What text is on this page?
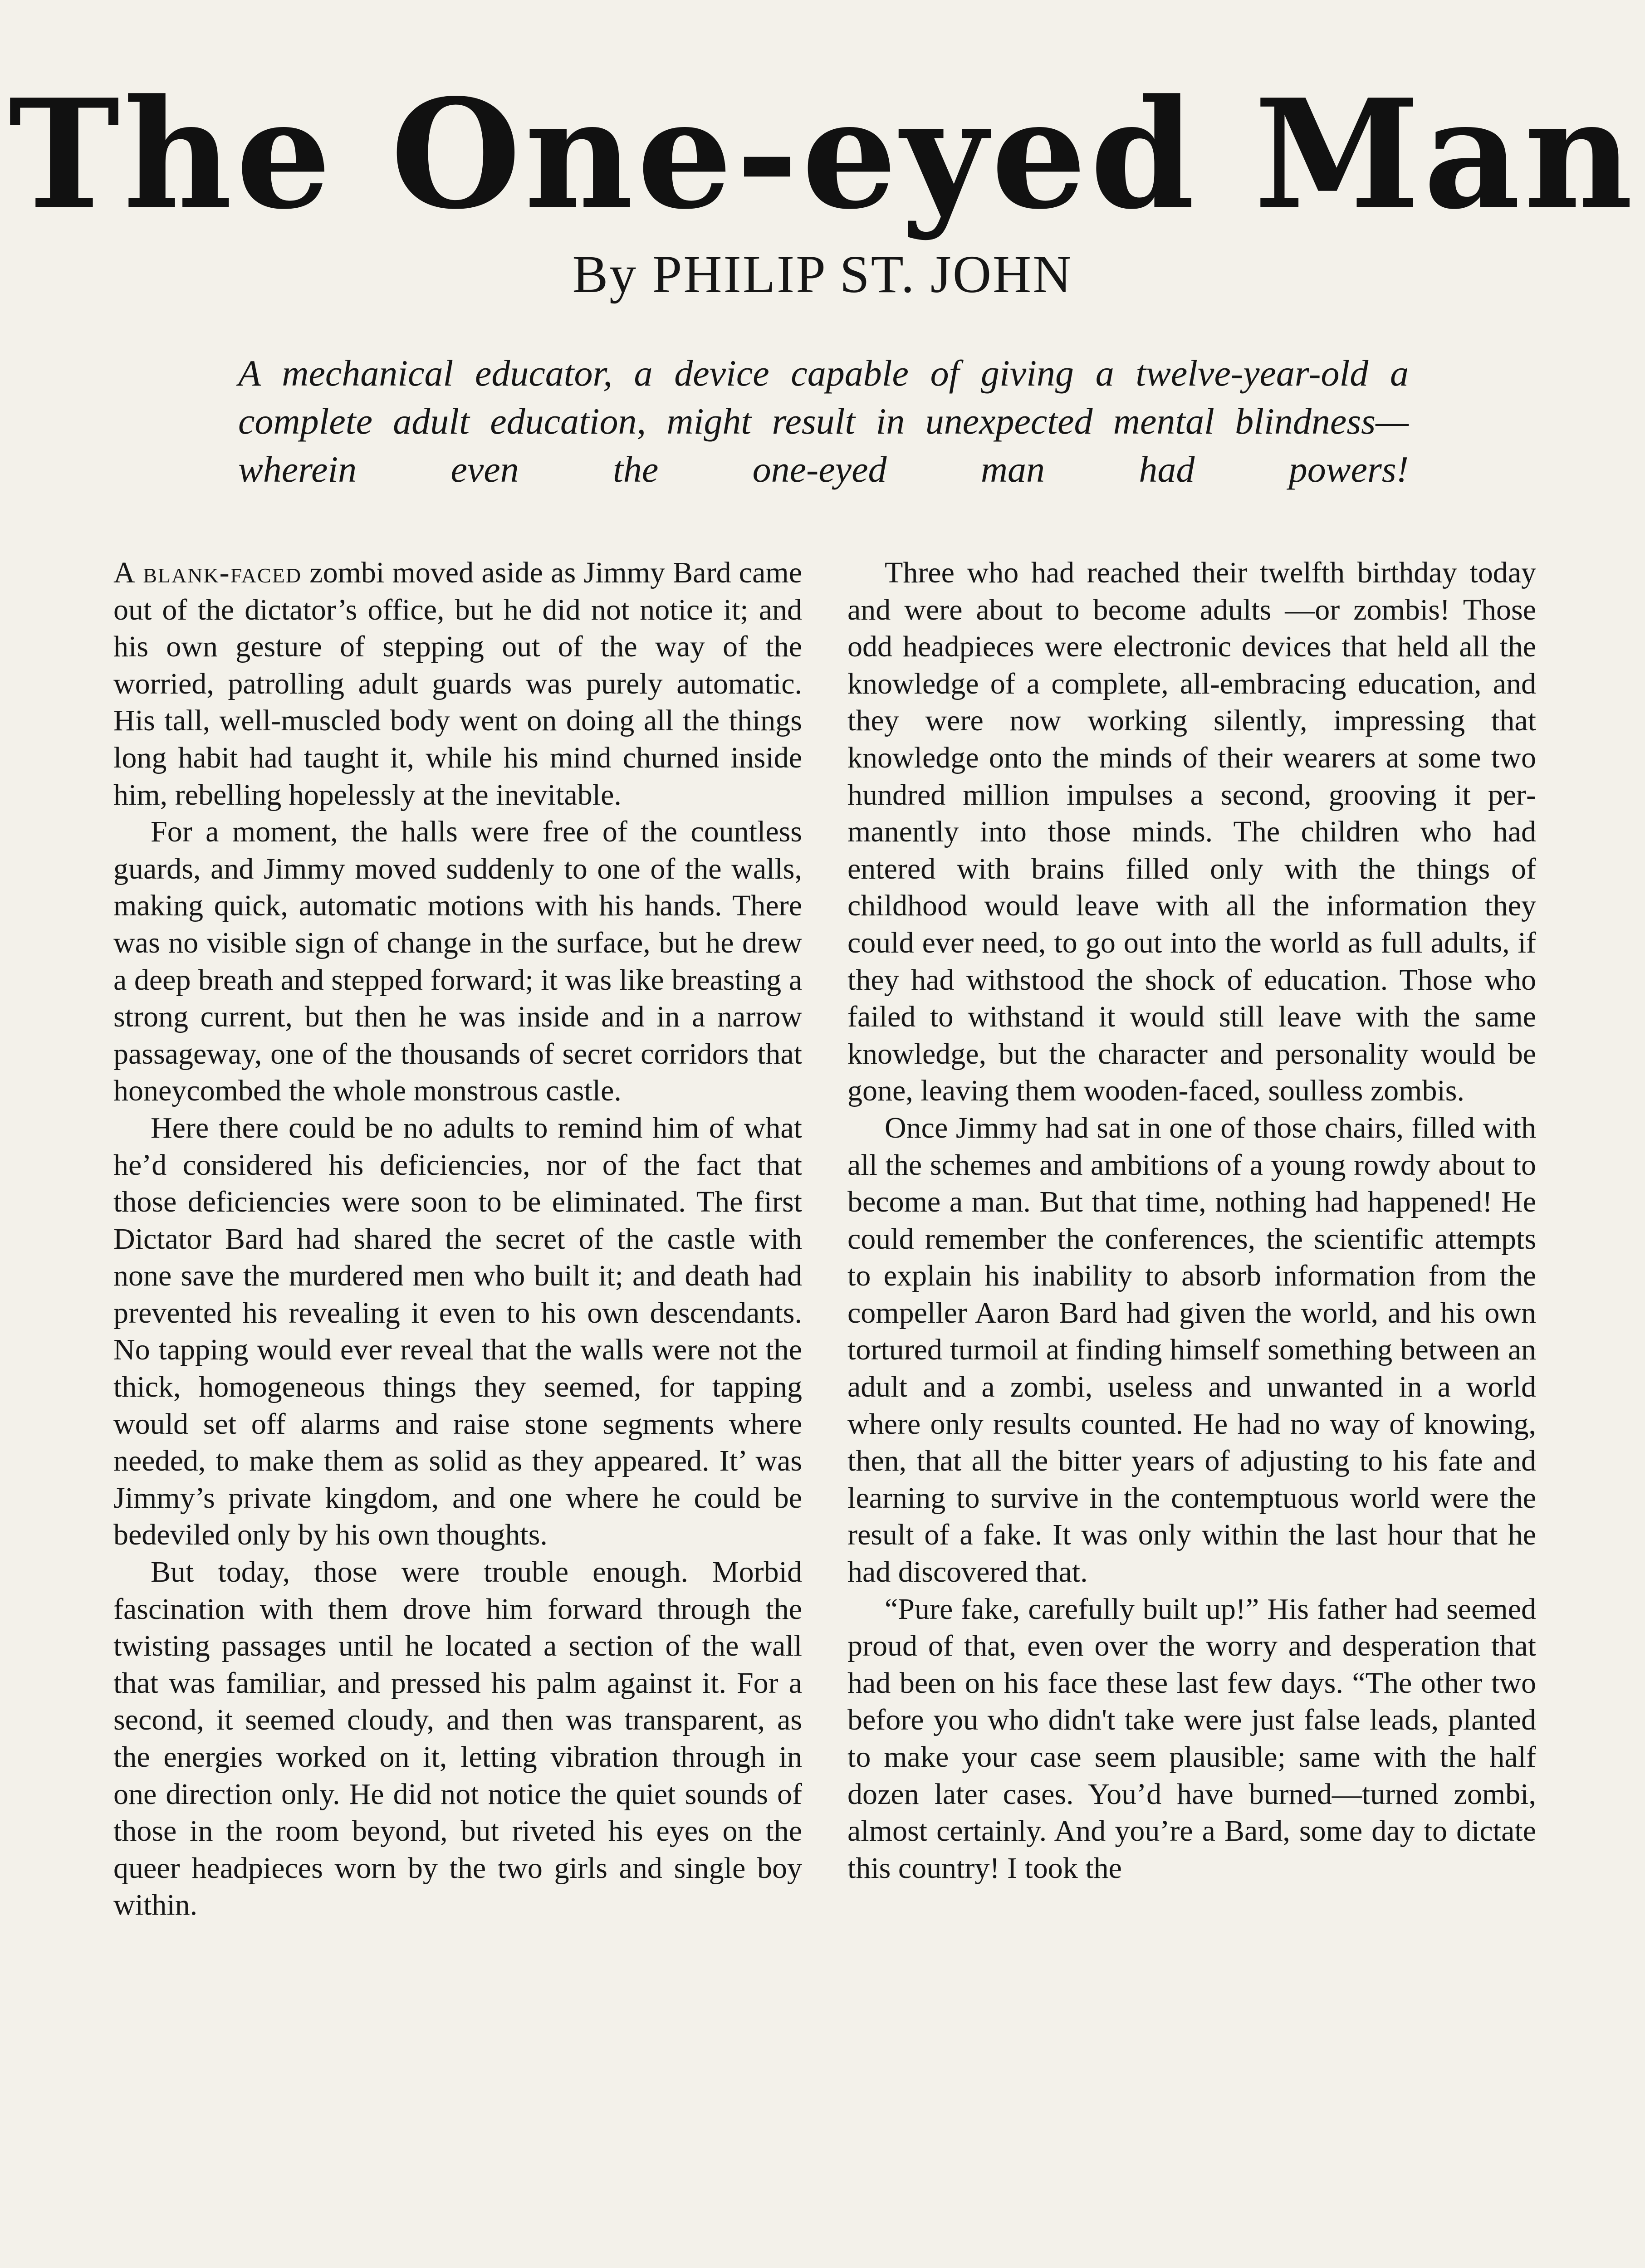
The One-eyed Man
By PHILIP ST. JOHN

A mechanical educator, a device capable of giving a twelve-year-old a complete adult education, might result in unexpected mental blindness—wherein even the one-eyed man had powers!

A blank-faced zombi moved aside as Jimmy Bard came out of the dictator’s office, but he did not notice it; and his own gesture of stepping out of the way of the worried, patrolling adult guards was purely automatic. His tall, well-muscled body went on doing all the things long habit had taught it, while his mind churned inside him, rebelling hopelessly at the inevitable.

For a moment, the halls were free of the countless guards, and Jimmy moved suddenly to one of the walls, making quick, automatic motions with his hands. There was no visible sign of change in the surface, but he drew a deep breath and stepped forward; it was like breasting a strong current, but then he was inside and in a narrow passageway, one of the thousands of secret corridors that honeycombed the whole monstrous castle.

Here there could be no adults to remind him of what he’d considered his deficiencies, nor of the fact that those deficiencies were soon to be eliminated. The first Dictator Bard had shared the secret of the castle with none save the murdered men who built it; and death had prevented his revealing it even to his own descendants. No tapping would ever reveal that the walls were not the thick, homogeneous things they seemed, for tapping would set off alarms and raise stone segments where needed, to make them as solid as they appeared. It’ was Jimmy’s private kingdom, and one where he could be bedeviled only by his own thoughts.

But today, those were trouble enough. Morbid fascination with them drove him forward through the twisting passages until he located a section of the wall that was familiar, and pressed his palm against it. For a second, it seemed cloudy, and then was transparent, as the energies worked on it, letting vibration through in one direction only. He did not notice the quiet sounds of those in the room beyond, but riveted his eyes on the queer headpieces worn by the two girls and single boy within.

Three who had reached their twelfth birthday today and were about to become adults —or zombis! Those odd headpieces were electronic devices that held all the knowledge of a complete, all-embracing education, and they were now working silently, impressing that knowledge onto the minds of their wearers at some two hundred million impulses a second, grooving it permanently into those minds. The children who had entered with brains filled only with the things of childhood would leave with all the information they could ever need, to go out into the world as full adults, if they had withstood the shock of education. Those who failed to withstand it would still leave with the same knowledge, but the character and personality would be gone, leaving them wooden-faced, soulless zombis.

Once Jimmy had sat in one of those chairs, filled with all the schemes and ambitions of a young rowdy about to become a man. But that time, nothing had happened! He could remember the conferences, the scientific attempts to explain his inability to absorb information from the compeller Aaron Bard had given the world, and his own tortured turmoil at finding himself something between an adult and a zombi, useless and unwanted in a world where only results counted. He had no way of knowing, then, that all the bitter years of adjusting to his fate and learning to survive in the contemptuous world were the result of a fake. It was only within the last hour that he had discovered that.

“Pure fake, carefully built up!” His father had seemed proud of that, even over the worry and desperation that had been on his face these last few days. “The other two before you who didn't take were just false leads, planted to make your case seem plausible; same with the half dozen later cases. You’d have burned—turned zombi, almost certainly. And you’re a Bard, some day to dictate this country! I took the
